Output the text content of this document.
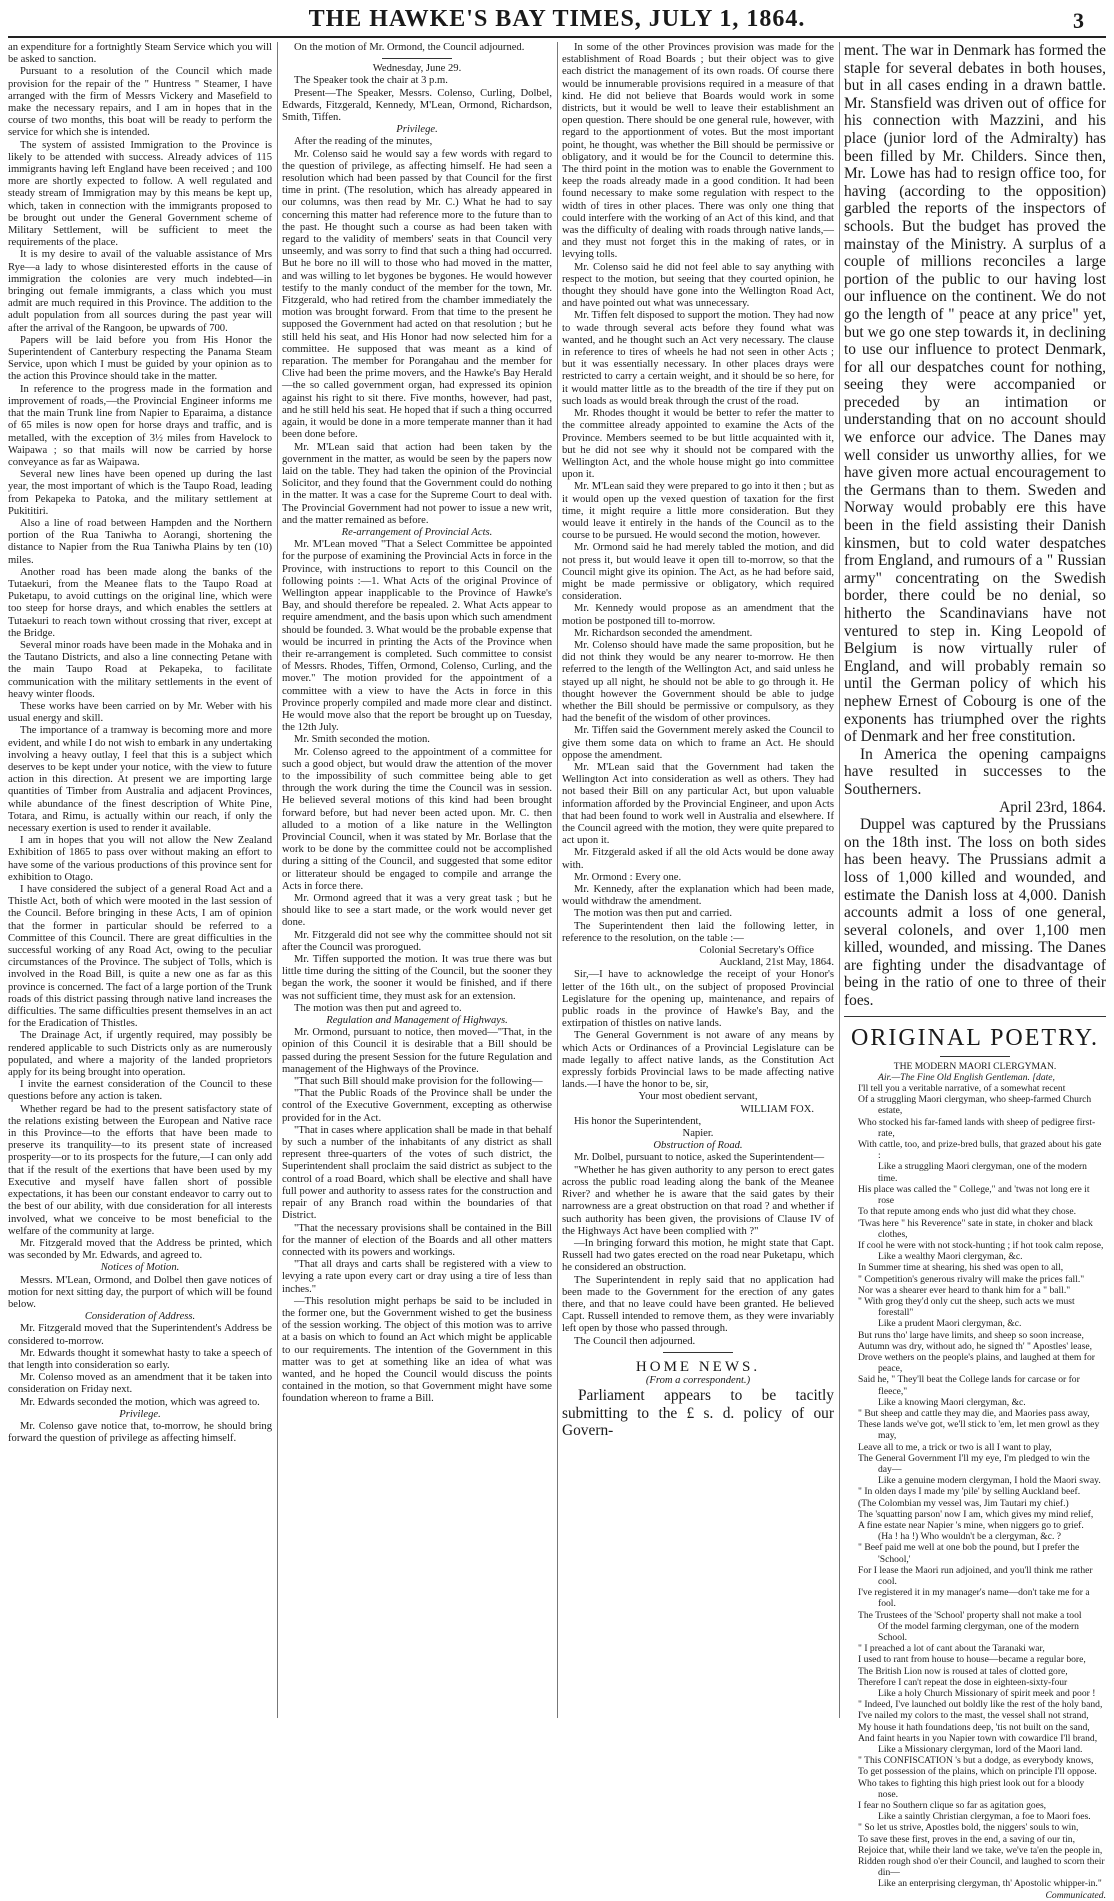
THE HAWKE'S BAY TIMES, JULY 1, 1864.	3

an expenditure for a fortnightly Steam Service which you will be asked to sanction.

Pursuant to a resolution of the Council which made provision for the repair of the " Huntress " Steamer, I have arranged with the firm of Messrs Vickery and Masefield to make the necessary repairs, and I am in hopes that in the course of two months, this boat will be ready to perform the service for which she is intended.

The system of assisted Immigration to the Province is likely to be attended with success. Already advices of 115 immigrants having left England have been received ; and 100 more are shortly expected to follow. A well regulated and steady stream of Immigration may by this means be kept up, which, taken in connection with the immigrants proposed to be brought out under the General Government scheme of Military Settlement, will be sufficient to meet the requirements of the place.

It is my desire to avail of the valuable assistance of Mrs Rye—a lady to whose disinterested efforts in the cause of immigration the colonies are very much indebted—in bringing out female immigrants, a class which you must admit are much required in this Province. The addition to the adult population from all sources during the past year will after the arrival of the Rangoon, be upwards of 700.

Papers will be laid before you from His Honor the Superintendent of Canterbury respecting the Panama Steam Service, upon which I must be guided by your opinion as to the action this Province should take in the matter.

In reference to the progress made in the formation and improvement of roads,—the Provincial Engineer informs me that the main Trunk line from Napier to Eparaima, a distance of 65 miles is now open for horse drays and traffic, and is metalled, with the exception of 3½ miles from Havelock to Waipawa ; so that mails will now be carried by horse conveyance as far as Waipawa.

Several new lines have been opened up during the last year, the most important of which is the Taupo Road, leading from Pekapeka to Patoka, and the military settlement at Pukititiri.

Also a line of road between Hampden and the Northern portion of the Rua Taniwha to Aorangi, shortening the distance to Napier from the Rua Taniwha Plains by ten (10) miles.

Another road has been made along the banks of the Tutaekuri, from the Meanee flats to the Taupo Road at Puketapu, to avoid cuttings on the original line, which were too steep for horse drays, and which enables the settlers at Tutaekuri to reach town without crossing that river, except at the Bridge.

Several minor roads have been made in the Mohaka and in the Tautano Districts, and also a line connecting Petane with the main Taupo Road at Pekapeka, to facilitate communication with the military settlements in the event of heavy winter floods.

These works have been carried on by Mr. Weber with his usual energy and skill.

The importance of a tramway is becoming more and more evident, and while I do not wish to embark in any undertaking involving a heavy outlay, I feel that this is a subject which deserves to be kept under your notice, with the view to future action in this direction. At present we are importing large quantities of Timber from Australia and adjacent Provinces, while abundance of the finest description of White Pine, Totara, and Rimu, is actually within our reach, if only the necessary exertion is used to render it available.

I am in hopes that you will not allow the New Zealand Exhibition of 1865 to pass over without making an effort to have some of the various productions of this province sent for exhibition to Otago.

I have considered the subject of a general Road Act and a Thistle Act, both of which were mooted in the last session of the Council. Before bringing in these Acts, I am of opinion that the former in particular should be referred to a Committee of this Council. There are great difficulties in the successful working of any Road Act, owing to the peculiar circumstances of the Province. The subject of Tolls, which is involved in the Road Bill, is quite a new one as far as this province is concerned. The fact of a large portion of the Trunk roads of this district passing through native land increases the difficulties. The same difficulties present themselves in an act for the Eradication of Thistles.

The Drainage Act, if urgently required, may possibly be rendered applicable to such Districts only as are numerously populated, and where a majority of the landed proprietors apply for its being brought into operation.

I invite the earnest consideration of the Council to these questions before any action is taken.

Whether regard be had to the present satisfactory state of the relations existing between the European and Native race in this Province—to the efforts that have been made to preserve its tranquility—to its present state of increased prosperity—or to its prospects for the future,—I can only add that if the result of the exertions that have been used by my Executive and myself have fallen short of possible expectations, it has been our constant endeavor to carry out to the best of our ability, with due consideration for all interests involved, what we conceive to be most beneficial to the welfare of the community at large.

Mr. Fitzgerald moved that the Address be printed, which was seconded by Mr. Edwards, and agreed to.

Notices of Motion.

Messrs. M'Lean, Ormond, and Dolbel then gave notices of motion for next sitting day, the purport of which will be found below.

Consideration of Address.

Mr. Fitzgerald moved that the Superintendent's Address be considered to-morrow.

Mr. Edwards thought it somewhat hasty to take a speech of that length into consideration so early.

Mr. Colenso moved as an amendment that it be taken into consideration on Friday next.

Mr. Edwards seconded the motion, which was agreed to.

Privilege.

Mr. Colenso gave notice that, to-morrow, he should bring forward the question of privilege as affecting himself.

On the motion of Mr. Ormond, the Council adjourned.

Wednesday, June 29.

The Speaker took the chair at 3 p.m.

Present—The Speaker, Messrs. Colenso, Curling, Dolbel, Edwards, Fitzgerald, Kennedy, M'Lean, Ormond, Richardson, Smith, Tiffen.

Privilege.

After the reading of the minutes,

Mr. Colenso said he would say a few words with regard to the question of privilege, as affecting himself. He had seen a resolution which had been passed by that Council for the first time in print. (The resolution, which has already appeared in our columns, was then read by Mr. C.) What he had to say concerning this matter had reference more to the future than to the past. He thought such a course as had been taken with regard to the validity of members' seats in that Council very unseemly, and was sorry to find that such a thing had occurred. But he bore no ill will to those who had moved in the matter, and was willing to let bygones be bygones. He would however testify to the manly conduct of the member for the town, Mr. Fitzgerald, who had retired from the chamber immediately the motion was brought forward. From that time to the present he supposed the Government had acted on that resolution ; but he still held his seat, and His Honor had now selected him for a committee. He supposed that was meant as a kind of reparation. The member for Porangahau and the member for Clive had been the prime movers, and the Hawke's Bay Herald—the so called government organ, had expressed its opinion against his right to sit there. Five months, however, had past, and he still held his seat. He hoped that if such a thing occurred again, it would be done in a more temperate manner than it had been done before.

Mr. M'Lean said that action had been taken by the government in the matter, as would be seen by the papers now laid on the table. They had taken the opinion of the Provincial Solicitor, and they found that the Government could do nothing in the matter. It was a case for the Supreme Court to deal with. The Provincial Government had not power to issue a new writ, and the matter remained as before.

Re-arrangement of Provincial Acts.

Mr. M'Lean moved "That a Select Committee be appointed for the purpose of examining the Provincial Acts in force in the Province, with instructions to report to this Council on the following points :—1. What Acts of the original Province of Wellington appear inapplicable to the Province of Hawke's Bay, and should therefore be repealed. 2. What Acts appear to require amendment, and the basis upon which such amendment should be founded. 3. What would be the probable expense that would be incurred in printing the Acts of the Province when their re-arrangement is completed. Such committee to consist of Messrs. Rhodes, Tiffen, Ormond, Colenso, Curling, and the mover." The motion provided for the appointment of a committee with a view to have the Acts in force in this Province properly compiled and made more clear and distinct. He would move also that the report be brought up on Tuesday, the 12th July.

Mr. Smith seconded the motion.

Mr. Colenso agreed to the appointment of a committee for such a good object, but would draw the attention of the mover to the impossibility of such committee being able to get through the work during the time the Council was in session. He believed several motions of this kind had been brought forward before, but had never been acted upon. Mr. C. then alluded to a motion of a like nature in the Wellington Provincial Council, when it was stated by Mr. Borlase that the work to be done by the committee could not be accomplished during a sitting of the Council, and suggested that some editor or litterateur should be engaged to compile and arrange the Acts in force there.

Mr. Ormond agreed that it was a very great task ; but he should like to see a start made, or the work would never get done.

Mr. Fitzgerald did not see why the committee should not sit after the Council was prorogued.

Mr. Tiffen supported the motion. It was true there was but little time during the sitting of the Council, but the sooner they began the work, the sooner it would be finished, and if there was not sufficient time, they must ask for an extension.

The motion was then put and agreed to.

Regulation and Management of Highways.

Mr. Ormond, pursuant to notice, then moved—"That, in the opinion of this Council it is desirable that a Bill should be passed during the present Session for the future Regulation and management of the Highways of the Province.

"That such Bill should make provision for the following—

"That the Public Roads of the Province shall be under the control of the Executive Government, excepting as otherwise provided for in the Act.

"That in cases where application shall be made in that behalf by such a number of the inhabitants of any district as shall represent three-quarters of the votes of such district, the Superintendent shall proclaim the said district as subject to the control of a road Board, which shall be elective and shall have full power and authority to assess rates for the construction and repair of any Branch road within the boundaries of that District.

"That the necessary provisions shall be contained in the Bill for the manner of election of the Boards and all other matters connected with its powers and workings.

"That all drays and carts shall be registered with a view to levying a rate upon every cart or dray using a tire of less than inches."

—This resolution might perhaps be said to be included in the former one, but the Government wished to get the business of the session working. The object of this motion was to arrive at a basis on which to found an Act which might be applicable to our requirements. The intention of the Government in this matter was to get at something like an idea of what was wanted, and he hoped the Council would discuss the points contained in the motion, so that Government might have some foundation whereon to frame a Bill.

In some of the other Provinces provision was made for the establishment of Road Boards ; but their object was to give each district the management of its own roads. Of course there would be innumerable provisions required in a measure of that kind. He did not believe that Boards would work in some districts, but it would be well to leave their establishment an open question. There should be one general rule, however, with regard to the apportionment of votes. But the most important point, he thought, was whether the Bill should be permissive or obligatory, and it would be for the Council to determine this. The third point in the motion was to enable the Government to keep the roads already made in a good condition. It had been found necessary to make some regulation with respect to the width of tires in other places. There was only one thing that could interfere with the working of an Act of this kind, and that was the difficulty of dealing with roads through native lands,—and they must not forget this in the making of rates, or in levying tolls.

Mr. Colenso said he did not feel able to say anything with respect to the motion, but seeing that they courted opinion, he thought they should have gone into the Wellington Road Act, and have pointed out what was unnecessary.

Mr. Tiffen felt disposed to support the motion. They had now to wade through several acts before they found what was wanted, and he thought such an Act very necessary. The clause in reference to tires of wheels he had not seen in other Acts ; but it was essentially necessary. In other places drays were restricted to carry a certain weight, and it should be so here, for it would matter little as to the breadth of the tire if they put on such loads as would break through the crust of the road.

Mr. Rhodes thought it would be better to refer the matter to the committee already appointed to examine the Acts of the Province. Members seemed to be but little acquainted with it, but he did not see why it should not be compared with the Wellington Act, and the whole house might go into committee upon it.

Mr. M'Lean said they were prepared to go into it then ; but as it would open up the vexed question of taxation for the first time, it might require a little more consideration. But they would leave it entirely in the hands of the Council as to the course to be pursued. He would second the motion, however.

Mr. Ormond said he had merely tabled the motion, and did not press it, but would leave it open till to-morrow, so that the Council might give its opinion. The Act, as he had before said, might be made permissive or obligatory, which required consideration.

Mr. Kennedy would propose as an amendment that the motion be postponed till to-morrow.

Mr. Richardson seconded the amendment.

Mr. Colenso should have made the same proposition, but he did not think they would be any nearer to-morrow. He then referred to the length of the Wellington Act, and said unless he stayed up all night, he should not be able to go through it. He thought however the Government should be able to judge whether the Bill should be permissive or compulsory, as they had the benefit of the wisdom of other provinces.

Mr. Tiffen said the Government merely asked the Council to give them some data on which to frame an Act. He should oppose the amendment.

Mr. M'Lean said that the Government had taken the Wellington Act into consideration as well as others. They had not based their Bill on any particular Act, but upon valuable information afforded by the Provincial Engineer, and upon Acts that had been found to work well in Australia and elsewhere. If the Council agreed with the motion, they were quite prepared to act upon it.

Mr. Fitzgerald asked if all the old Acts would be done away with.

Mr. Ormond : Every one.

Mr. Kennedy, after the explanation which had been made, would withdraw the amendment.

The motion was then put and carried.

The Superintendent then laid the following letter, in reference to the resolution, on the table :—

Colonial Secretary's Office

Auckland, 21st May, 1864.

Sir,—I have to acknowledge the receipt of your Honor's letter of the 16th ult., on the subject of proposed Provincial Legislature for the opening up, maintenance, and repairs of public roads in the province of Hawke's Bay, and the extirpation of thistles on native lands.

The General Government is not aware of any means by which Acts or Ordinances of a Provincial Legislature can be made legally to affect native lands, as the Constitution Act expressly forbids Provincial laws to be made affecting native lands.—I have the honor to be, sir,

Your most obedient servant,

WILLIAM FOX.

His honor the Superintendent,

Napier.

Obstruction of Road.

Mr. Dolbel, pursuant to notice, asked the Superintendent—

"Whether he has given authority to any person to erect gates across the public road leading along the bank of the Meanee River? and whether he is aware that the said gates by their narrowness are a great obstruction on that road ? and whether if such authority has been given, the provisions of Clause IV of the Highways Act have been complied with ?"

—In bringing forward this motion, he might state that Capt. Russell had two gates erected on the road near Puketapu, which he considered an obstruction.

The Superintendent in reply said that no application had been made to the Government for the erection of any gates there, and that no leave could have been granted. He believed Capt. Russell intended to remove them, as they were invariably left open by those who passed through.

The Council then adjourned.

HOME NEWS.

(From a correspondent.)

Parliament appears to be tacitly submitting to the £ s. d. policy of our Govern-

ment. The war in Denmark has formed the staple for several debates in both houses, but in all cases ending in a drawn battle. Mr. Stansfield was driven out of office for his connection with Mazzini, and his place (junior lord of the Admiralty) has been filled by Mr. Childers. Since then, Mr. Lowe has had to resign office too, for having (according to the opposition) garbled the reports of the inspectors of schools. But the budget has proved the mainstay of the Ministry. A surplus of a couple of millions reconciles a large portion of the public to our having lost our influence on the continent. We do not go the length of " peace at any price" yet, but we go one step towards it, in declining to use our influence to protect Denmark, for all our despatches count for nothing, seeing they were accompanied or preceded by an intimation or understanding that on no account should we enforce our advice. The Danes may well consider us unworthy allies, for we have given more actual encouragement to the Germans than to them. Sweden and Norway would probably ere this have been in the field assisting their Danish kinsmen, but to cold water despatches from England, and rumours of a " Russian army" concentrating on the Swedish border, there could be no denial, so hitherto the Scandinavians have not ventured to step in. King Leopold of Belgium is now virtually ruler of England, and will probably remain so until the German policy of which his nephew Ernest of Cobourg is one of the exponents has triumphed over the rights of Denmark and her free constitution.

In America the opening campaigns have resulted in successes to the Southerners.

April 23rd, 1864.

Duppel was captured by the Prussians on the 18th inst. The loss on both sides has been heavy. The Prussians admit a loss of 1,000 killed and wounded, and estimate the Danish loss at 4,000. Danish accounts admit a loss of one general, several colonels, and over 1,100 men killed, wounded, and missing. The Danes are fighting under the disadvantage of being in the ratio of one to three of their foes.

ORIGINAL POETRY.

THE MODERN MAORI CLERGYMAN.

Air.—The Fine Old English Gentleman. [date,

I'll tell you a veritable narrative, of a somewhat recent

Of a struggling Maori clergyman, who sheep-farmed Church estate,

Who stocked his far-famed lands with sheep of pedigree first-rate,

With cattle, too, and prize-bred bulls, that grazed about his gate :

Like a struggling Maori clergyman, one of the modern time.

His place was called the " College," and 'twas not long ere it rose

To that repute among ends who just did what they chose.

'Twas here " his Reverence" sate in state, in choker and black clothes,

If cool he were with not stock-hunting ; if hot took calm repose,

Like a wealthy Maori clergyman, &c.

In Summer time at shearing, his shed was open to all,

" Competition's generous rivalry will make the prices fall."

Nor was a shearer ever heard to thank him for a " ball."

" With grog they'd only cut the sheep, such acts we must forestall"

Like a prudent Maori clergyman, &c.

But runs tho' large have limits, and sheep so soon increase,

Autumn was dry, without ado, he signed th' " Apostles' lease,

Drove wethers on the people's plains, and laughed at them for peace,

Said he, " They'll beat the College lands for carcase or for fleece,"

Like a knowing Maori clergyman, &c.

" But sheep and cattle they may die, and Maories pass away,

These lands we've got, we'll stick to 'em, let men growl as they may,

Leave all to me, a trick or two is all I want to play,

The General Government I'll my eye, I'm pledged to win the day—

Like a genuine modern clergyman, I hold the Maori sway.

" In olden days I made my 'pile' by selling Auckland beef.

(The Colombian my vessel was, Jim Tautari my chief.)

The 'squatting parson' now I am, which gives my mind relief,

A fine estate near Napier 's mine, when niggers go to grief.

(Ha ! ha !) Who wouldn't be a clergyman, &c. ?

" Beef paid me well at one bob the pound, but I prefer the 'School,'

For I lease the Maori run adjoined, and you'll think me rather cool.

I've registered it in my manager's name—don't take me for a fool.

The Trustees of the 'School' property shall not make a tool

Of the model farming clergyman, one of the modern School.

" I preached a lot of cant about the Taranaki war,

I used to rant from house to house—became a regular bore,

The British Lion now is roused at tales of clotted gore,

Therefore I can't repeat the dose in eighteen-sixty-four

Like a holy Church Missionary of spirit meek and poor !

" Indeed, I've launched out boldly like the rest of the holy band,

I've nailed my colors to the mast, the vessel shall not strand,

My house it hath foundations deep, 'tis not built on the sand,

And faint hearts in you Napier town with cowardice I'll brand,

Like a Missionary clergyman, lord of the Maori land.

" This CONFISCATION 's but a dodge, as everybody knows,

To get possession of the plains, which on principle I'll oppose.

Who takes to fighting this high priest look out for a bloody nose.

I fear no Southern clique so far as agitation goes,

Like a saintly Christian clergyman, a foe to Maori foes.

" So let us strive, Apostles bold, the niggers' souls to win,

To save these first, proves in the end, a saving of our tin,

Rejoice that, while their land we take, we've ta'en the people in,

Ridden rough shod o'er their Council, and laughed to scorn their din—

Like an enterprising clergyman, th' Apostolic whipper-in."

Communicated.
